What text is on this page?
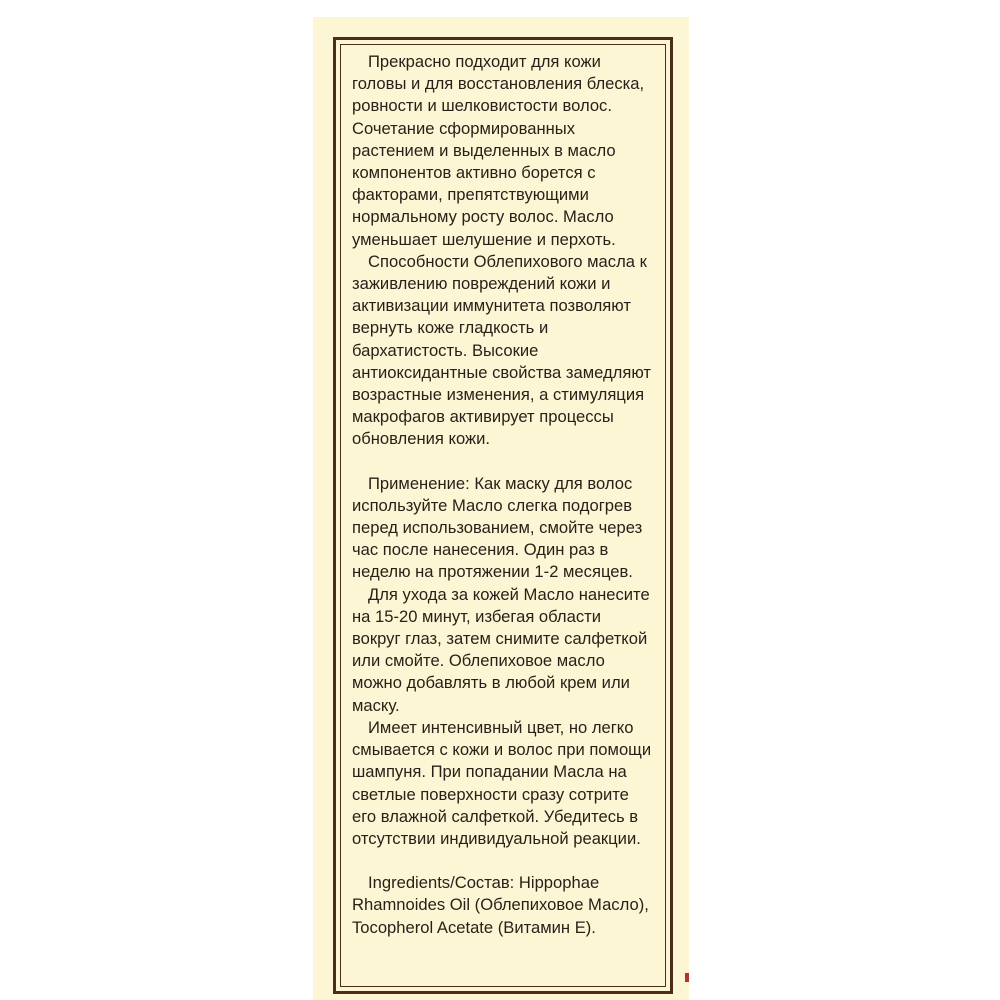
Прекрасно подходит для кожи
головы и для восстановления блеска,
ровности и шелковистости волос.
Сочетание сформированных
растением и выделенных в масло
компонентов активно борется с
факторами, препятствующими
нормальному росту волос. Масло
уменьшает шелушение и перхоть.

Способности Облепихового масла к
заживлению повреждений кожи и
активизации иммунитета позволяют
вернуть коже гладкость и
бархатистость. Высокие
антиоксидантные свойства замедляют
возрастные изменения, а стимуляция
макрофагов активирует процессы
обновления кожи.

Применение: Как маску для волос
используйте Масло слегка подогрев
перед использованием, смойте через
час после нанесения. Один раз в
неделю на протяжении 1-2 месяцев.

Для ухода за кожей Масло нанесите
на 15-20 минут, избегая области
вокруг глаз, затем снимите салфеткой
или смойте. Облепиховое масло
можно добавлять в любой крем или
маску.

Имеет интенсивный цвет, но легко
смывается с кожи и волос при помощи
шампуня. При попадании Масла на
светлые поверхности сразу сотрите
его влажной салфеткой. Убедитесь в
отсутствии индивидуальной реакции.

Ingredients/Состав: Hippophae
Rhamnoides Oil (Облепиховое Масло),
Tocopherol Acetate (Витамин Е).
